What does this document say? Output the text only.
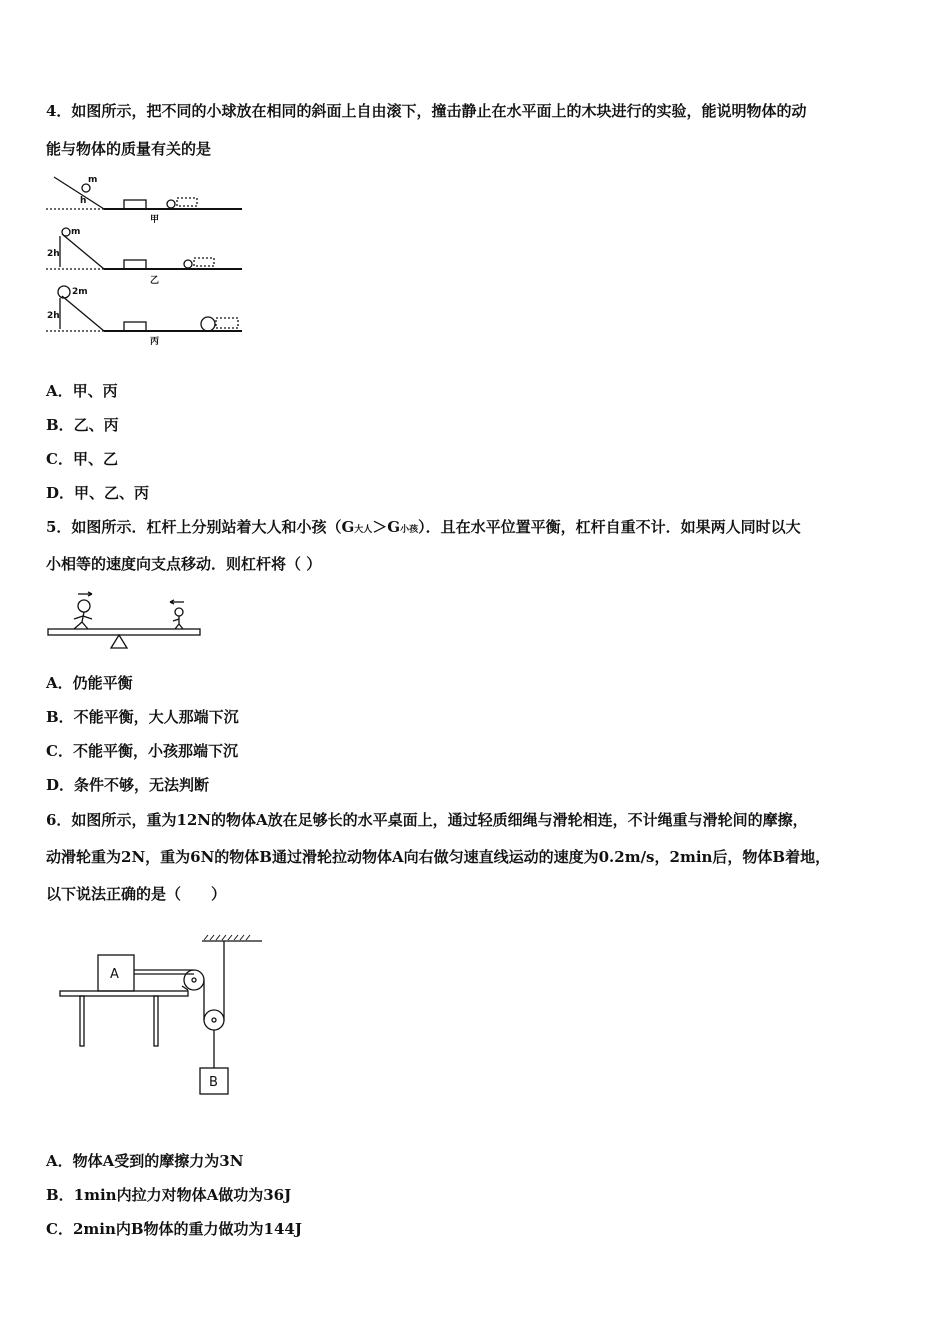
4．如图所示，把不同的小球放在相同的斜面上自由滚下，撞击静止在水平面上的木块进行的实验，能说明物体的动
能与物体的质量有关的是
m
h
甲
m
2h
乙
2m
2h
丙
A．甲、丙
B．乙、丙
C．甲、乙
D．甲、乙、丙
5．如图所示．杠杆上分别站着大人和小孩（G大人＞G小孩）．且在水平位置平衡，杠杆自重不计．如果两人同时以大
小相等的速度向支点移动．则杠杆将（ ）
A．仍能平衡
B．不能平衡，大人那端下沉
C．不能平衡，小孩那端下沉
D．条件不够，无法判断
6．如图所示，重为12N的物体A放在足够长的水平桌面上，通过轻质细绳与滑轮相连，不计绳重与滑轮间的摩擦，
动滑轮重为2N，重为6N的物体B通过滑轮拉动物体A向右做匀速直线运动的速度为0.2m/s，2min后，物体B着地，
以下说法正确的是（　　）
A
B
A．物体A受到的摩擦力为3N
B．1min内拉力对物体A做功为36J
C．2min内B物体的重力做功为144J
